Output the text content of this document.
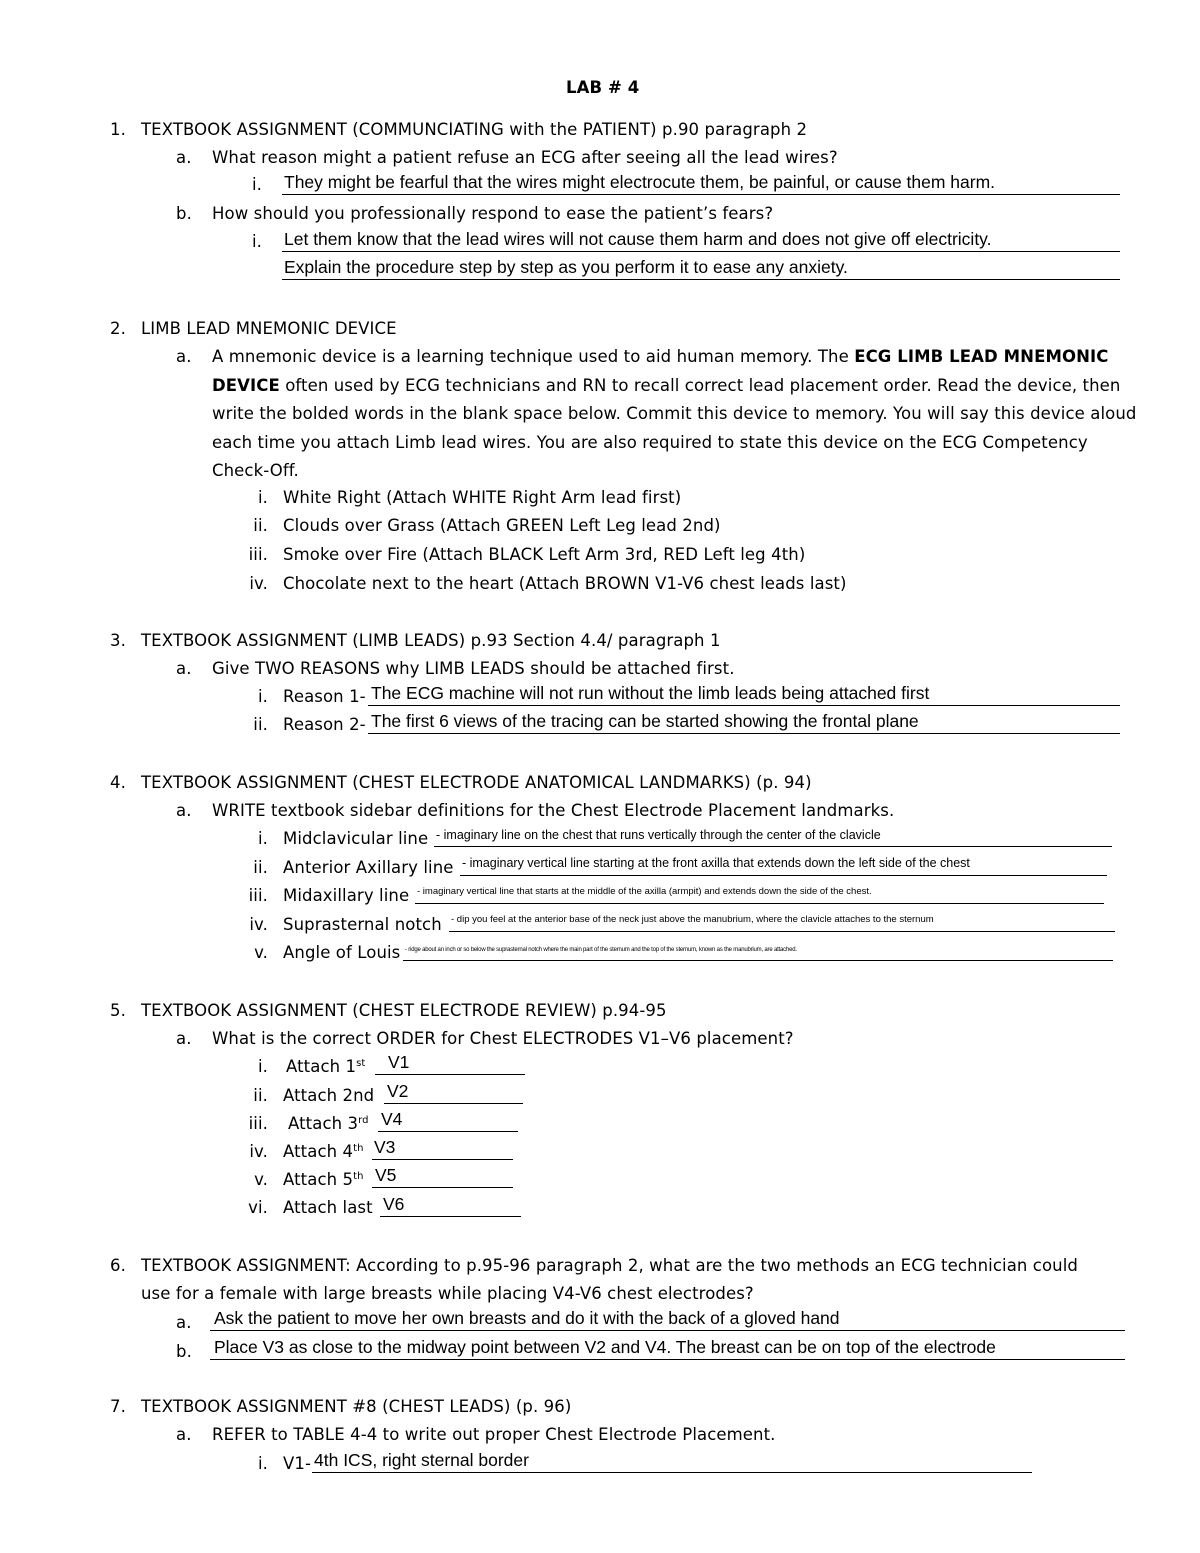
LAB # 4
1. TEXTBOOK ASSIGNMENT (COMMUNCIATING with the PATIENT) p.90 paragraph 2
a. What reason might a patient refuse an ECG after seeing all the lead wires?
i. They might be fearful that the wires might electrocute them, be painful, or cause them harm.
b. How should you professionally respond to ease the patient’s fears?
i. Let them know that the lead wires will not cause them harm and does not give off electricity.
Explain the procedure step by step as you perform it to ease any anxiety.
2. LIMB LEAD MNEMONIC DEVICE
a. A mnemonic device is a learning technique used to aid human memory. The ECG LIMB LEAD MNEMONIC DEVICE often used by ECG technicians and RN to recall correct lead placement order. Read the device, then write the bolded words in the blank space below. Commit this device to memory. You will say this device aloud each time you attach Limb lead wires. You are also required to state this device on the ECG Competency Check-Off.
i. White Right (Attach WHITE Right Arm lead first)
ii. Clouds over Grass (Attach GREEN Left Leg lead 2nd)
iii. Smoke over Fire (Attach BLACK Left Arm 3rd, RED Left leg 4th)
iv. Chocolate next to the heart (Attach BROWN V1-V6 chest leads last)
3. TEXTBOOK ASSIGNMENT (LIMB LEADS) p.93 Section 4.4/ paragraph 1
a. Give TWO REASONS why LIMB LEADS should be attached first.
i. Reason 1- The ECG machine will not run without the limb leads being attached first
ii. Reason 2- The first 6 views of the tracing can be started showing the frontal plane
4. TEXTBOOK ASSIGNMENT (CHEST ELECTRODE ANATOMICAL LANDMARKS) (p. 94)
a. WRITE textbook sidebar definitions for the Chest Electrode Placement landmarks.
i. Midclavicular line - imaginary line on the chest that runs vertically through the center of the clavicle
ii. Anterior Axillary line - imaginary vertical line starting at the front axilla that extends down the left side of the chest
iii. Midaxillary line - imaginary vertical line that starts at the middle of the axilla (armpit) and extends down the side of the chest.
iv. Suprasternal notch - dip you feel at the anterior base of the neck just above the manubrium, where the clavicle attaches to the sternum
v. Angle of Louis - ridge about an inch or so below the suprasternal notch where the main part of the sternum and the top of the sternum, known as the manubrium, are attached.
5. TEXTBOOK ASSIGNMENT (CHEST ELECTRODE REVIEW) p.94-95
a. What is the correct ORDER for Chest ELECTRODES V1–V6 placement?
i. Attach 1st V1
ii. Attach 2nd V2
iii. Attach 3rd V4
iv. Attach 4th V3
v. Attach 5th V5
vi. Attach last V6
6. TEXTBOOK ASSIGNMENT: According to p.95-96 paragraph 2, what are the two methods an ECG technician could
use for a female with large breasts while placing V4-V6 chest electrodes?
a. Ask the patient to move her own breasts and do it with the back of a gloved hand
b. Place V3 as close to the midway point between V2 and V4. The breast can be on top of the electrode
7. TEXTBOOK ASSIGNMENT #8 (CHEST LEADS) (p. 96)
a. REFER to TABLE 4-4 to write out proper Chest Electrode Placement.
i. V1- 4th ICS, right sternal border
